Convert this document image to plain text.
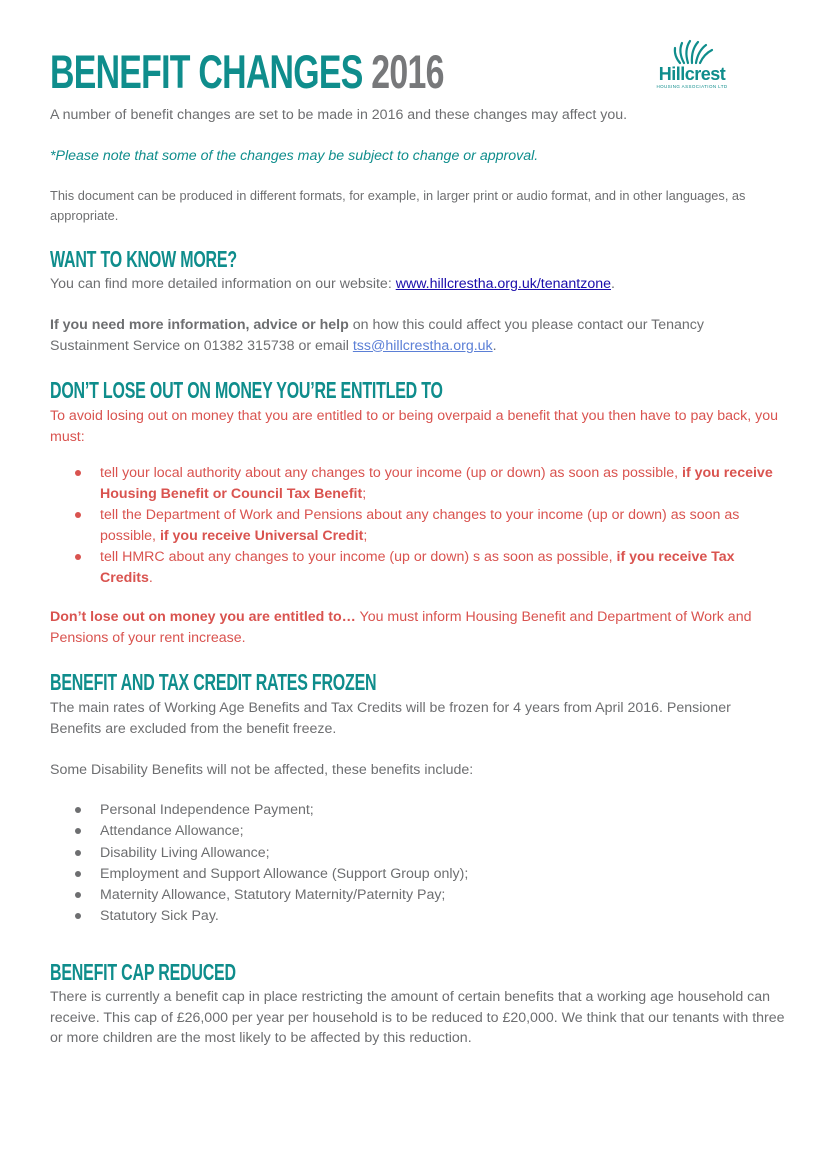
BENEFIT CHANGES 2016	Hillcrest
HOUSING ASSOCIATION LTD

A number of benefit changes are set to be made in 2016 and these changes may affect you.

*Please note that some of the changes may be subject to change or approval.

This document can be produced in different formats, for example, in larger print or audio format, and in other languages, as appropriate.

WANT TO KNOW MORE?

You can find more detailed information on our website: www.hillcrestha.org.uk/tenantzone.

If you need more information, advice or help on how this could affect you please contact our Tenancy Sustainment Service on 01382 315738 or email tss@hillcrestha.org.uk.

DON’T LOSE OUT ON MONEY YOU’RE ENTITLED TO

To avoid losing out on money that you are entitled to or being overpaid a benefit that you then have to pay back, you must:

tell your local authority about any changes to your income (up or down) as soon as possible, if you receive Housing Benefit or Council Tax Benefit;
tell the Department of Work and Pensions about any changes to your income (up or down) as soon as possible, if you receive Universal Credit;
tell HMRC about any changes to your income (up or down) s as soon as possible, if you receive Tax Credits.

Don’t lose out on money you are entitled to… You must inform Housing Benefit and Department of Work and Pensions of your rent increase.

BENEFIT AND TAX CREDIT RATES FROZEN

The main rates of Working Age Benefits and Tax Credits will be frozen for 4 years from April 2016. Pensioner Benefits are excluded from the benefit freeze.

Some Disability Benefits will not be affected, these benefits include:

Personal Independence Payment;
Attendance Allowance;
Disability Living Allowance;
Employment and Support Allowance (Support Group only);
Maternity Allowance, Statutory Maternity/Paternity Pay;
Statutory Sick Pay.
BENEFIT CAP REDUCED

There is currently a benefit cap in place restricting the amount of certain benefits that a working age household can receive. This cap of £26,000 per year per household is to be reduced to £20,000. We think that our tenants with three or more children are the most likely to be affected by this reduction.
